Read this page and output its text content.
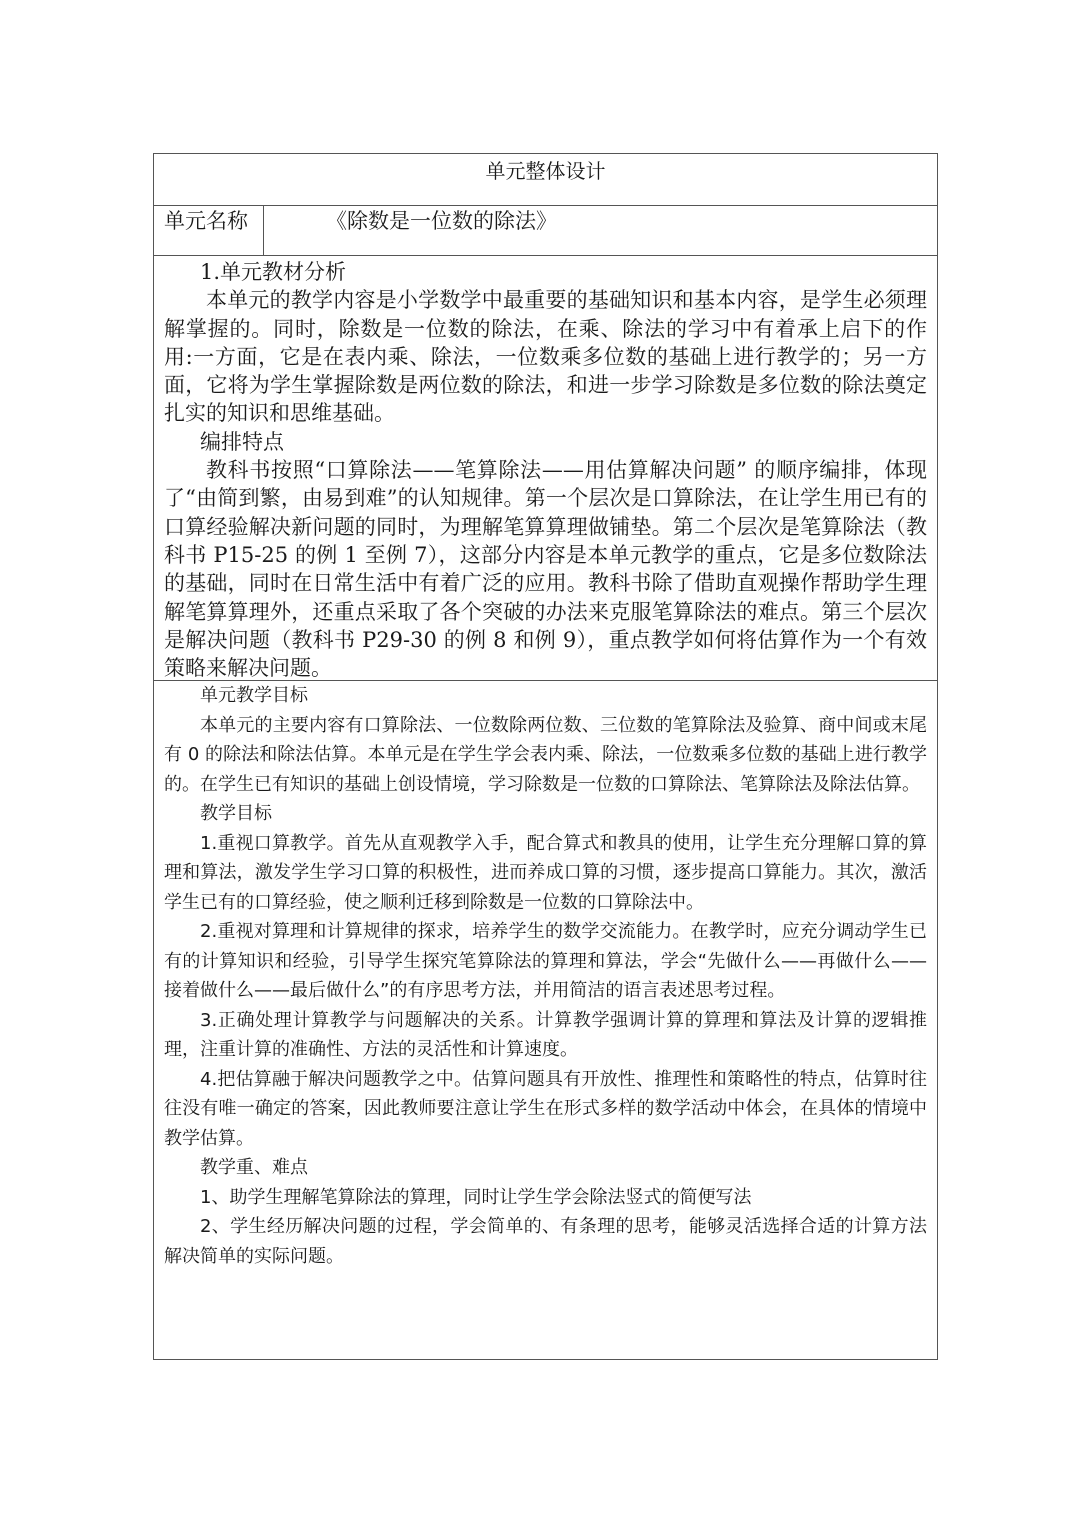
单元整体设计
单元名称	《除数是一位数的除法》

1.单元教材分析

本单元的教学内容是小学数学中最重要的基础知识和基本内容，是学生必须理解掌握的。同时，除数是一位数的除法，在乘、除法的学习中有着承上启下的作用:一方面，它是在表内乘、除法，一位数乘多位数的基础上进行教学的；另一方面，它将为学生掌握除数是两位数的除法，和进一步学习除数是多位数的除法奠定扎实的知识和思维基础。

编排特点

教科书按照“口算除法——笔算除法——用估算解决问题” 的顺序编排，体现了“由简到繁，由易到难”的认知规律。第一个层次是口算除法，在让学生用已有的口算经验解决新问题的同时，为理解笔算算理做铺垫。第二个层次是笔算除法（教科书 P15-25 的例 1 至例 7），这部分内容是本单元教学的重点，它是多位数除法的基础，同时在日常生活中有着广泛的应用。教科书除了借助直观操作帮助学生理解笔算算理外，还重点采取了各个突破的办法来克服笔算除法的难点。第三个层次是解决问题（教科书 P29-30 的例 8 和例 9），重点教学如何将估算作为一个有效策略来解决问题。

单元教学目标

本单元的主要内容有口算除法、一位数除两位数、三位数的笔算除法及验算、商中间或末尾有 0 的除法和除法估算。本单元是在学生学会表内乘、除法，一位数乘多位数的基础上进行教学的。在学生已有知识的基础上创设情境，学习除数是一位数的口算除法、笔算除法及除法估算。

教学目标

1.重视口算教学。首先从直观教学入手，配合算式和教具的使用，让学生充分理解口算的算理和算法，激发学生学习口算的积极性，进而养成口算的习惯，逐步提高口算能力。其次，激活学生已有的口算经验，使之顺利迁移到除数是一位数的口算除法中。

2.重视对算理和计算规律的探求，培养学生的数学交流能力。在教学时，应充分调动学生已有的计算知识和经验，引导学生探究笔算除法的算理和算法，学会“先做什么——再做什么——接着做什么——最后做什么”的有序思考方法，并用简洁的语言表述思考过程。

3.正确处理计算教学与问题解决的关系。计算教学强调计算的算理和算法及计算的逻辑推理，注重计算的准确性、方法的灵活性和计算速度。

4.把估算融于解决问题教学之中。估算问题具有开放性、推理性和策略性的特点，估算时往往没有唯一确定的答案，因此教师要注意让学生在形式多样的数学活动中体会，在具体的情境中教学估算。

教学重、难点

1、助学生理解笔算除法的算理，同时让学生学会除法竖式的简便写法

2、学生经历解决问题的过程，学会简单的、有条理的思考，能够灵活选择合适的计算方法解决简单的实际问题。
